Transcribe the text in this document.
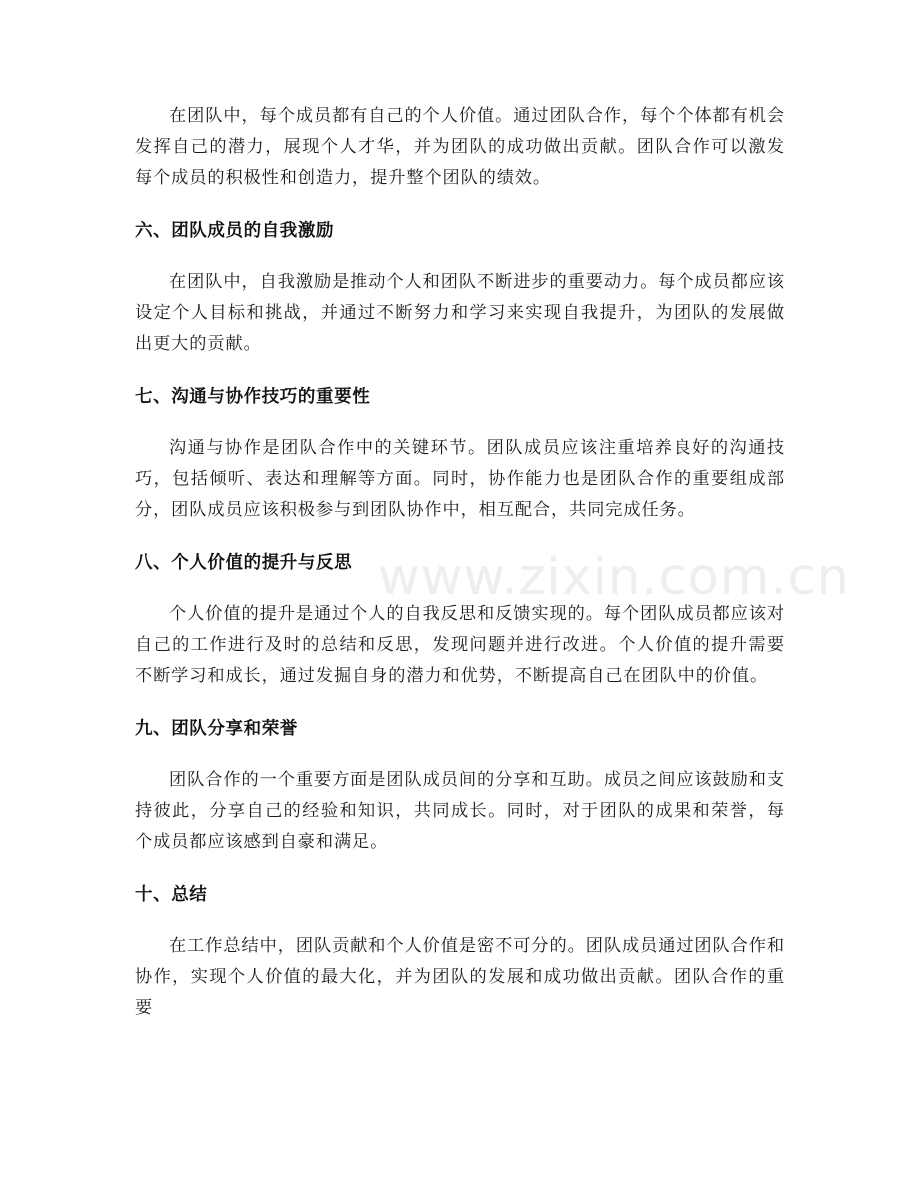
在团队中，每个成员都有自己的个人价值。通过团队合作，每个个体都有机会发挥自己的潜力，展现个人才华，并为团队的成功做出贡献。团队合作可以激发每个成员的积极性和创造力，提升整个团队的绩效。

六、团队成员的自我激励

在团队中，自我激励是推动个人和团队不断进步的重要动力。每个成员都应该设定个人目标和挑战，并通过不断努力和学习来实现自我提升，为团队的发展做出更大的贡献。

七、沟通与协作技巧的重要性

沟通与协作是团队合作中的关键环节。团队成员应该注重培养良好的沟通技巧，包括倾听、表达和理解等方面。同时，协作能力也是团队合作的重要组成部分，团队成员应该积极参与到团队协作中，相互配合，共同完成任务。

八、个人价值的提升与反思

个人价值的提升是通过个人的自我反思和反馈实现的。每个团队成员都应该对自己的工作进行及时的总结和反思，发现问题并进行改进。个人价值的提升需要不断学习和成长，通过发掘自身的潜力和优势，不断提高自己在团队中的价值。

九、团队分享和荣誉

团队合作的一个重要方面是团队成员间的分享和互助。成员之间应该鼓励和支持彼此，分享自己的经验和知识，共同成长。同时，对于团队的成果和荣誉，每个成员都应该感到自豪和满足。

十、总结

在工作总结中，团队贡献和个人价值是密不可分的。团队成员通过团队合作和协作，实现个人价值的最大化，并为团队的发展和成功做出贡献。团队合作的重要

www.zixin.com.cn
